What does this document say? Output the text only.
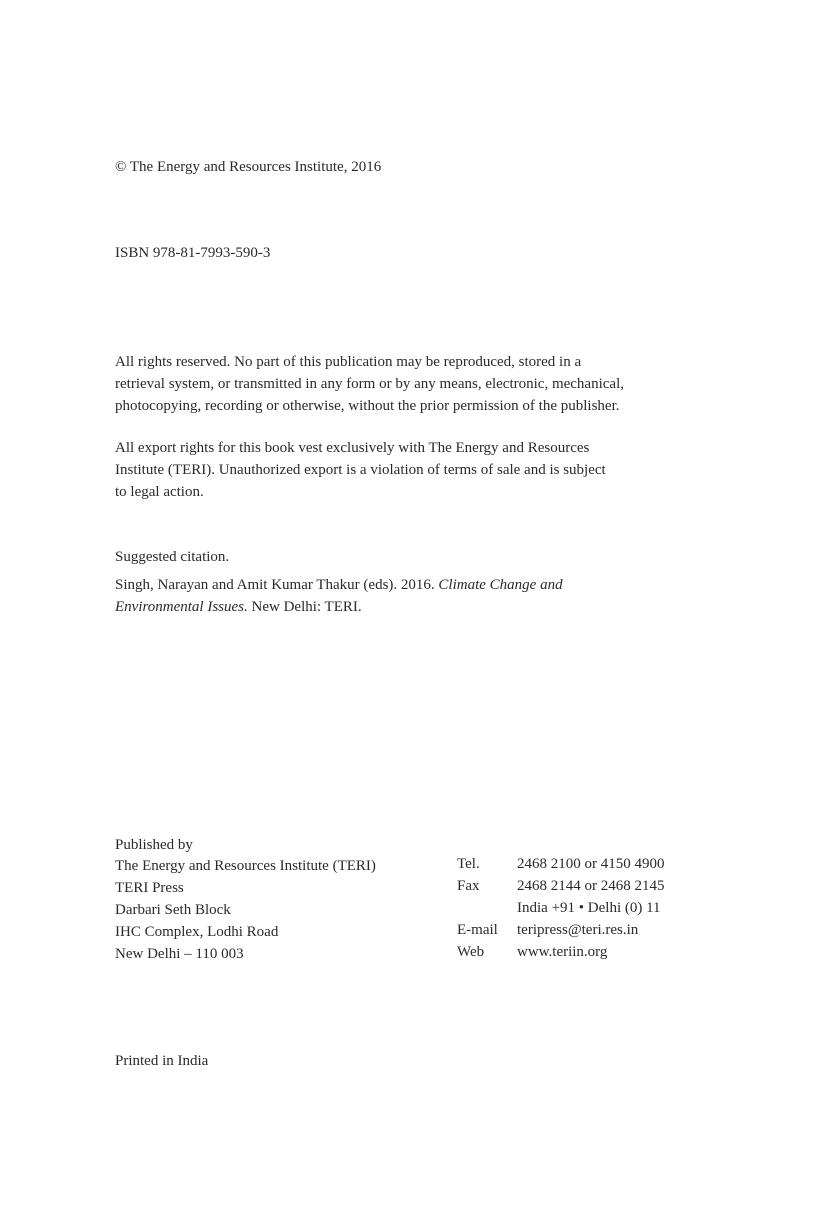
© The Energy and Resources Institute, 2016

ISBN 978-81-7993-590-3

All rights reserved. No part of this publication may be reproduced, stored in a
retrieval system, or transmitted in any form or by any means, electronic, mechanical,
photocopying, recording or otherwise, without the prior permission of the publisher.
All export rights for this book vest exclusively with The Energy and Resources
Institute (TERI). Unauthorized export is a violation of terms of sale and is subject
to legal action.

Suggested citation.

Singh, Narayan and Amit Kumar Thakur (eds). 2016. Climate Change and
Environmental Issues. New Delhi: TERI.

Published by

The Energy and Resources Institute (TERI)
TERI Press
Darbari Seth Block
IHC Complex, Lodhi Road
New Delhi – 110 003
Tel.	2468 2100 or 4150 4900
Fax	2468 2144 or 2468 2145
India +91 • Delhi (0) 11
E-mail	teripress@teri.res.in
Web	www.teriin.org

Printed in India
